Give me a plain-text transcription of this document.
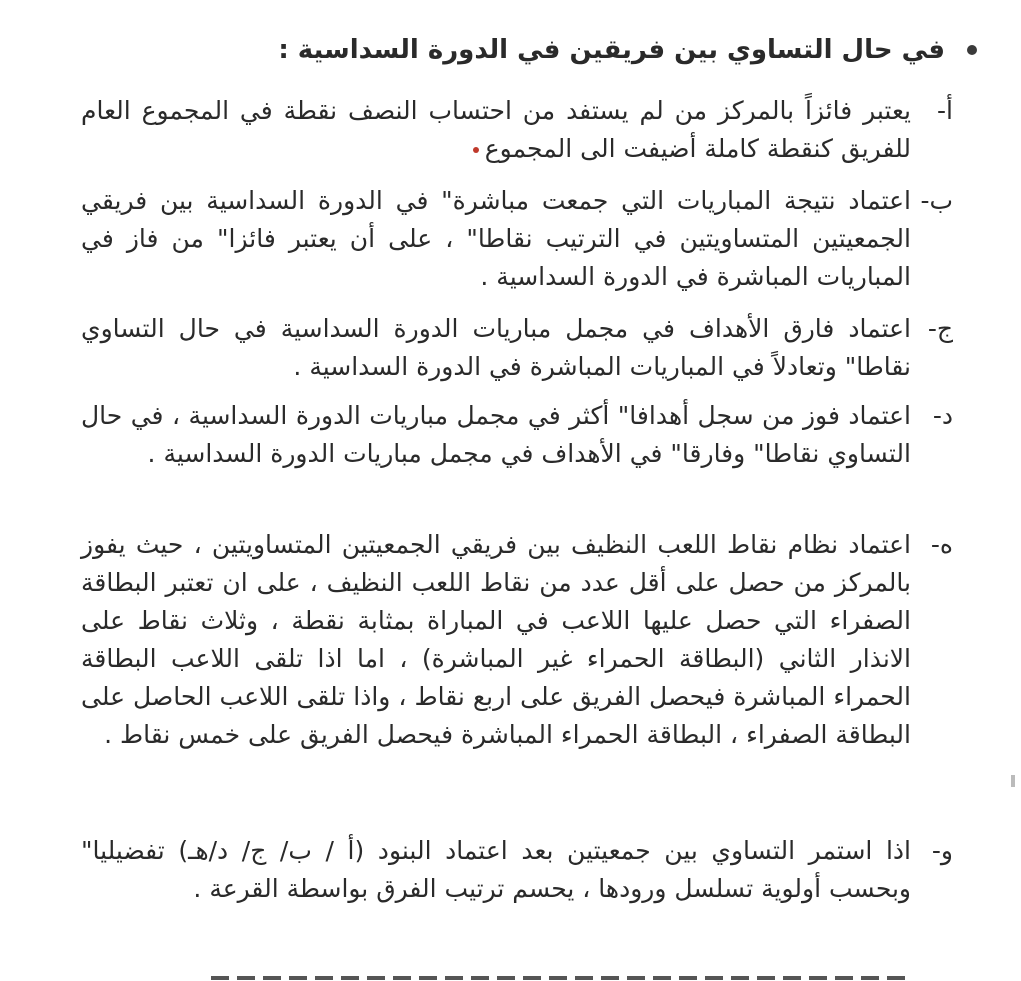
في حال التساوي بين فريقين في الدورة السداسية :
أ-
يعتبر فائزاً بالمركز من لم يستفد من احتساب النصف نقطة في المجموع العام للفريق كنقطة كاملة أضيفت الى المجموع
ب-
اعتماد نتيجة المباريات التي جمعت مباشرة" في الدورة السداسية بين فريقي الجمعيتين المتساويتين في الترتيب نقاطا" ، على أن يعتبر فائزا" من فاز في المباريات المباشرة في الدورة السداسية .
ج-
اعتماد فارق الأهداف في مجمل مباريات الدورة السداسية في حال التساوي نقاطا" وتعادلاً في المباريات المباشرة في الدورة السداسية .
د-
اعتماد فوز من سجل أهدافا" أكثر في مجمل مباريات الدورة السداسية ، في حال التساوي نقاطا" وفارقا" في الأهداف في مجمل مباريات الدورة السداسية .
ه-
اعتماد نظام نقاط اللعب النظيف بين فريقي الجمعيتين المتساويتين ، حيث يفوز بالمركز من حصل على أقل عدد من نقاط اللعب النظيف ، على ان تعتبر البطاقة الصفراء التي حصل عليها اللاعب في المباراة بمثابة نقطة ، وثلاث نقاط على الانذار الثاني (البطاقة الحمراء غير المباشرة) ، اما اذا تلقى اللاعب البطاقة الحمراء المباشرة فيحصل الفريق على اربع نقاط ، واذا تلقى اللاعب الحاصل على البطاقة الصفراء ، البطاقة الحمراء المباشرة فيحصل الفريق على خمس نقاط .
و-
اذا استمر التساوي بين جمعيتين بعد اعتماد البنود (أ / ب/ ج/ د/هـ) تفضيليا" وبحسب أولوية تسلسل ورودها ، يحسم ترتيب الفرق بواسطة القرعة .
